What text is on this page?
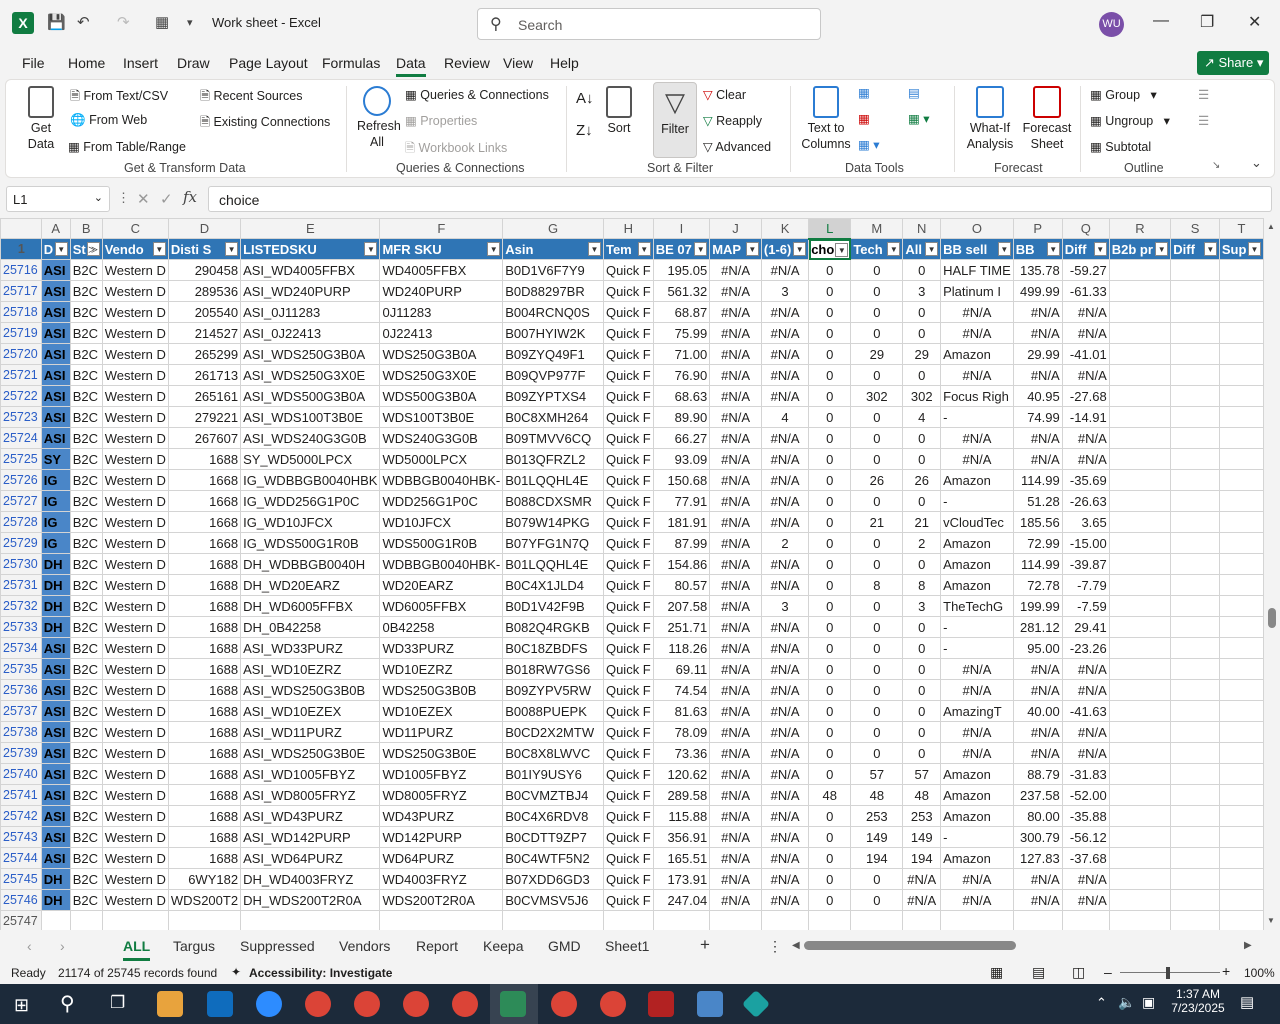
X	💾 ↶ ↷ ▦ ▾ Work sheet - Excel	⚲ Search	WU — ❐ ✕
File Home Insert Draw Page Layout Formulas Data Review View Help	↗ Share ▾
Get Data
🗎 From Text/CSV
🌐 From Web
▦ From Table/Range
🗎 Recent Sources
🗎 Existing Connections
Get & Transform Data
Refresh All
▦ Queries & Connections
▦ Properties
🗎 Workbook Links
Queries & Connections
A↓
Z↓	Sort
▽
Filter
▽ Clear
▽ Reapply
▽ Advanced
Sort & Filter
Text to Columns
▦
▦
▦ ▾
▤
▦ ▾
Data Tools
What-If Analysis
Forecast Sheet
Forecast
▦ Group   ▾
▦ Ungroup   ▾
▦ Subtotal
☰
☰
Outline	↘ ⌄
L1	⌄ ⋮ ✕ ✓ fx	choice
	A	B	C	D	E	F	G	H	I	J	K	L	M	N	O	P	Q	R	S	T
1	D ▼	St ⨠	Vendo ▼	Disti S ▼	LISTEDSKU ▼	MFR SKU ▼	Asin ▼	Tem ▼	BE 07 ▼	MAP ▼	(1-6) ▼	cho ▼	Tech ▼	All ▼	BB sell ▼	BB ▼	Diff ▼	B2b pr ▼	Diff ▼	Sup ▼

25716	ASI	B2C	Western D	290458	ASI_WD4005FFBX	WD4005FFBX	B0D1V6F7Y9	Quick F	195.05	#N/A	#N/A	0	0	0	HALF TIME	135.78	-59.27			
25717	ASI	B2C	Western D	289536	ASI_WD240PURP	WD240PURP	B0D88297BR	Quick F	561.32	#N/A	3	0	0	3	Platinum I	499.99	-61.33			
25718	ASI	B2C	Western D	205540	ASI_0J11283	0J11283	B004RCNQ0S	Quick F	68.87	#N/A	#N/A	0	0	0	#N/A	#N/A	#N/A			
25719	ASI	B2C	Western D	214527	ASI_0J22413	0J22413	B007HYIW2K	Quick F	75.99	#N/A	#N/A	0	0	0	#N/A	#N/A	#N/A			
25720	ASI	B2C	Western D	265299	ASI_WDS250G3B0A	WDS250G3B0A	B09ZYQ49F1	Quick F	71.00	#N/A	#N/A	0	29	29	Amazon	29.99	-41.01			
25721	ASI	B2C	Western D	261713	ASI_WDS250G3X0E	WDS250G3X0E	B09QVP977F	Quick F	76.90	#N/A	#N/A	0	0	0	#N/A	#N/A	#N/A			
25722	ASI	B2C	Western D	265161	ASI_WDS500G3B0A	WDS500G3B0A	B09ZYPTXS4	Quick F	68.63	#N/A	#N/A	0	302	302	Focus Righ	40.95	-27.68			
25723	ASI	B2C	Western D	279221	ASI_WDS100T3B0E	WDS100T3B0E	B0C8XMH264	Quick F	89.90	#N/A	4	0	0	4	-	74.99	-14.91			
25724	ASI	B2C	Western D	267607	ASI_WDS240G3G0B	WDS240G3G0B	B09TMVV6CQ	Quick F	66.27	#N/A	#N/A	0	0	0	#N/A	#N/A	#N/A			
25725	SY	B2C	Western D	1688	SY_WD5000LPCX	WD5000LPCX	B013QFRZL2	Quick F	93.09	#N/A	#N/A	0	0	0	#N/A	#N/A	#N/A			
25726	IG	B2C	Western D	1668	IG_WDBBGB0040HBK	WDBBGB0040HBK-	B01LQQHL4E	Quick F	150.68	#N/A	#N/A	0	26	26	Amazon	114.99	-35.69			
25727	IG	B2C	Western D	1668	IG_WDD256G1P0C	WDD256G1P0C	B088CDXSMR	Quick F	77.91	#N/A	#N/A	0	0	0	-	51.28	-26.63			
25728	IG	B2C	Western D	1668	IG_WD10JFCX	WD10JFCX	B079W14PKG	Quick F	181.91	#N/A	#N/A	0	21	21	vCloudTec	185.56	3.65			
25729	IG	B2C	Western D	1668	IG_WDS500G1R0B	WDS500G1R0B	B07YFG1N7Q	Quick F	87.99	#N/A	2	0	0	2	Amazon	72.99	-15.00			
25730	DH	B2C	Western D	1688	DH_WDBBGB0040H	WDBBGB0040HBK-	B01LQQHL4E	Quick F	154.86	#N/A	#N/A	0	0	0	Amazon	114.99	-39.87			
25731	DH	B2C	Western D	1688	DH_WD20EARZ	WD20EARZ	B0C4X1JLD4	Quick F	80.57	#N/A	#N/A	0	8	8	Amazon	72.78	-7.79			
25732	DH	B2C	Western D	1688	DH_WD6005FFBX	WD6005FFBX	B0D1V42F9B	Quick F	207.58	#N/A	3	0	0	3	TheTechG	199.99	-7.59			
25733	DH	B2C	Western D	1688	DH_0B42258	0B42258	B082Q4RGKB	Quick F	251.71	#N/A	#N/A	0	0	0	-	281.12	29.41			
25734	ASI	B2C	Western D	1688	ASI_WD33PURZ	WD33PURZ	B0C18ZBDFS	Quick F	118.26	#N/A	#N/A	0	0	0	-	95.00	-23.26			
25735	ASI	B2C	Western D	1688	ASI_WD10EZRZ	WD10EZRZ	B018RW7GS6	Quick F	69.11	#N/A	#N/A	0	0	0	#N/A	#N/A	#N/A			
25736	ASI	B2C	Western D	1688	ASI_WDS250G3B0B	WDS250G3B0B	B09ZYPV5RW	Quick F	74.54	#N/A	#N/A	0	0	0	#N/A	#N/A	#N/A			
25737	ASI	B2C	Western D	1688	ASI_WD10EZEX	WD10EZEX	B0088PUEPK	Quick F	81.63	#N/A	#N/A	0	0	0	AmazingT	40.00	-41.63			
25738	ASI	B2C	Western D	1688	ASI_WD11PURZ	WD11PURZ	B0CD2X2MTW	Quick F	78.09	#N/A	#N/A	0	0	0	#N/A	#N/A	#N/A			
25739	ASI	B2C	Western D	1688	ASI_WDS250G3B0E	WDS250G3B0E	B0C8X8LWVC	Quick F	73.36	#N/A	#N/A	0	0	0	#N/A	#N/A	#N/A			
25740	ASI	B2C	Western D	1688	ASI_WD1005FBYZ	WD1005FBYZ	B01IY9USY6	Quick F	120.62	#N/A	#N/A	0	57	57	Amazon	88.79	-31.83			
25741	ASI	B2C	Western D	1688	ASI_WD8005FRYZ	WD8005FRYZ	B0CVMZTBJ4	Quick F	289.58	#N/A	#N/A	48	48	48	Amazon	237.58	-52.00			
25742	ASI	B2C	Western D	1688	ASI_WD43PURZ	WD43PURZ	B0C4X6RDV8	Quick F	115.88	#N/A	#N/A	0	253	253	Amazon	80.00	-35.88			
25743	ASI	B2C	Western D	1688	ASI_WD142PURP	WD142PURP	B0CDTT9ZP7	Quick F	356.91	#N/A	#N/A	0	149	149	-	300.79	-56.12			
25744	ASI	B2C	Western D	1688	ASI_WD64PURZ	WD64PURZ	B0C4WTF5N2	Quick F	165.51	#N/A	#N/A	0	194	194	Amazon	127.83	-37.68			
25745	DH	B2C	Western D	6WY182	DH_WD4003FRYZ	WD4003FRYZ	B07XDD6GD3	Quick F	173.91	#N/A	#N/A	0	0	#N/A	#N/A	#N/A	#N/A			
25746	DH	B2C	Western D	WDS200T2	DH_WDS200T2R0A	WDS200T2R0A	B0CVMSV5J6	Quick F	247.04	#N/A	#N/A	0	0	#N/A	#N/A	#N/A	#N/A			
25747																				
▲
▼
‹ ›	ALL Targus Suppressed Vendors Report Keepa GMD Sheet1	+	⋮ ◀	▶
Ready 21174 of 25745 records found ✦ Accessibility: Investigate	▦ ▤ ◫ –	+ 100%
⊞ ⚲ ❐	⌃ 🔈 ▣	1:37 AM
7/23/2025 ▤
